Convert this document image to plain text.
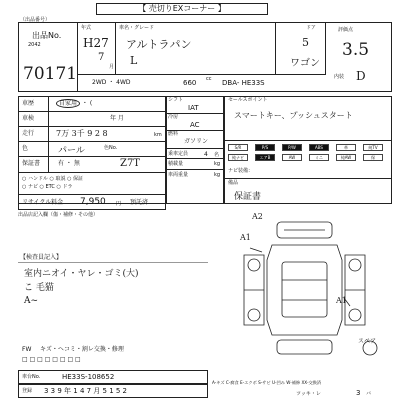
【 売切りEXコーナー 】
（出品番号）
出品No.
2042
70171
年式
H27
7
月
車名・グレード
アルトラパン
L
ドア
5
ワゴン
評価点
3.5
内装 D
2WD ・ 4WD	660 cc DBA- HE33S
車歴	自家用 ・ (
車検	年 月
走行	7万 3千 9 2 8	km
色	パール	色No.
保証書	有 ・ 無	Z7T
○ ハンドル ○ 取説 ○ 保証
○ ナビ ○ ETC ○ ドラ
シフト
IAT
冷房
AC
燃料
ガソリン
乗車定員	4 名
積載量	kg
車両重量	kg
セールスポイント
スマートキー、プッシュスタート
S/R	P/S	P/W	ABS	革	純TV
純ナビ	エアB	AW	ミニ	純AW	保
ナビ装備：
備品
保証書
リサイクル料金 7,950 円 預託済
出品店記入欄（傷・補修・その他）	A2
A1
A1
スペア
【検査員記入】
室内ニオイ・ヤレ・ゴミ(大)
こ 毛猫
A~
FW キズ・ヘコミ・割レ交換・修理
□ □ □ □ □ □ □ □
車台No.	HE33S-108652
登録 3 3 9 年 1 4 7 月 5 1 5 2
A-キズ C-腐食 E-エクボ S-サビ U-凹み W-補修 XX-交換済
ツッキ・レ	3 バ
